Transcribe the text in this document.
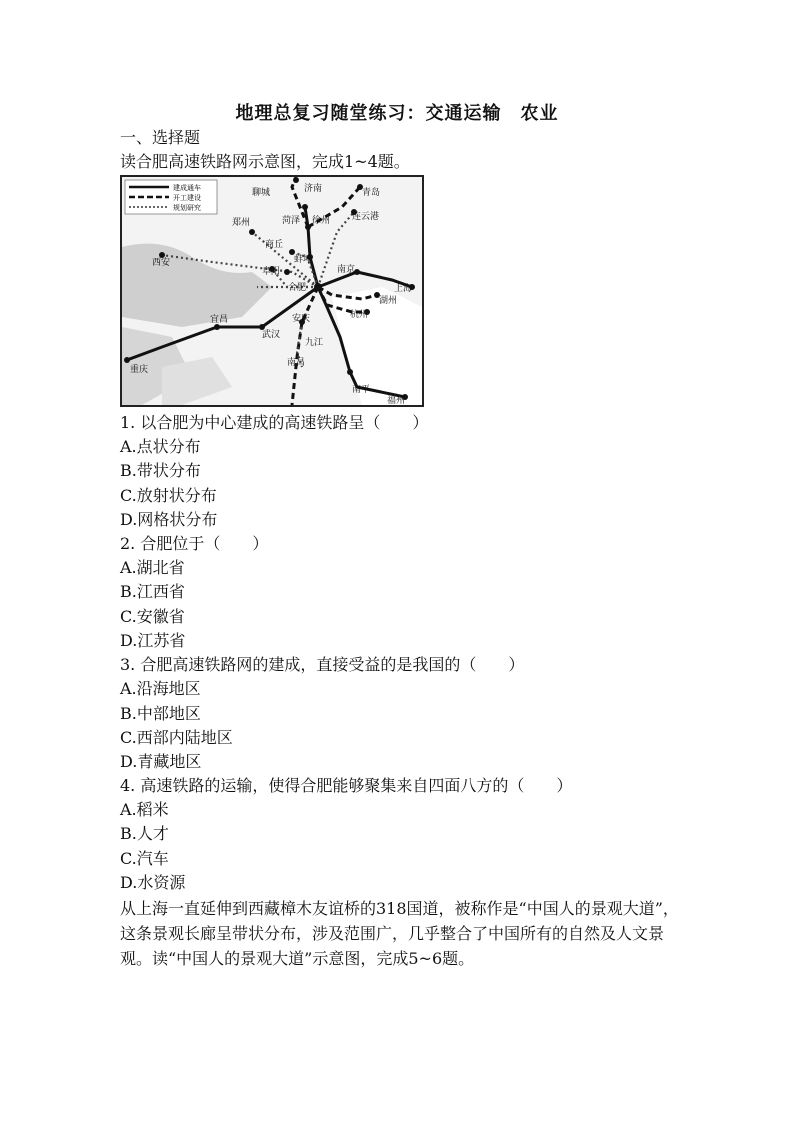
地理总复习随堂练习：交通运输　农业
一、选择题
读合肥高速铁路网示意图，完成1~4题。
建成通车
开工建设
规划研究
聊城	济南	青岛
郑州	菏泽 徐州 连云港
商丘
西安
阜阳
蚌埠
南京
合肥	上海
湖州
杭州
安庆
宜昌
武汉
九江
重庆
南昌
南平
福州
1. 以合肥为中心建成的高速铁路呈（　　）
A.点状分布
B.带状分布
C.放射状分布
D.网格状分布
2. 合肥位于（　　）
A.湖北省
B.江西省
C.安徽省
D.江苏省
3. 合肥高速铁路网的建成，直接受益的是我国的（　　）
A.沿海地区
B.中部地区
C.西部内陆地区
D.青藏地区
4. 高速铁路的运输，使得合肥能够聚集来自四面八方的（　　）
A.稻米
B.人才
C.汽车
D.水资源
从上海一直延伸到西藏樟木友谊桥的318国道，被称作是“中国人的景观大道”，这条景观长廊呈带状分布，涉及范围广，几乎整合了中国所有的自然及人文景观。读“中国人的景观大道”示意图，完成5~6题。
